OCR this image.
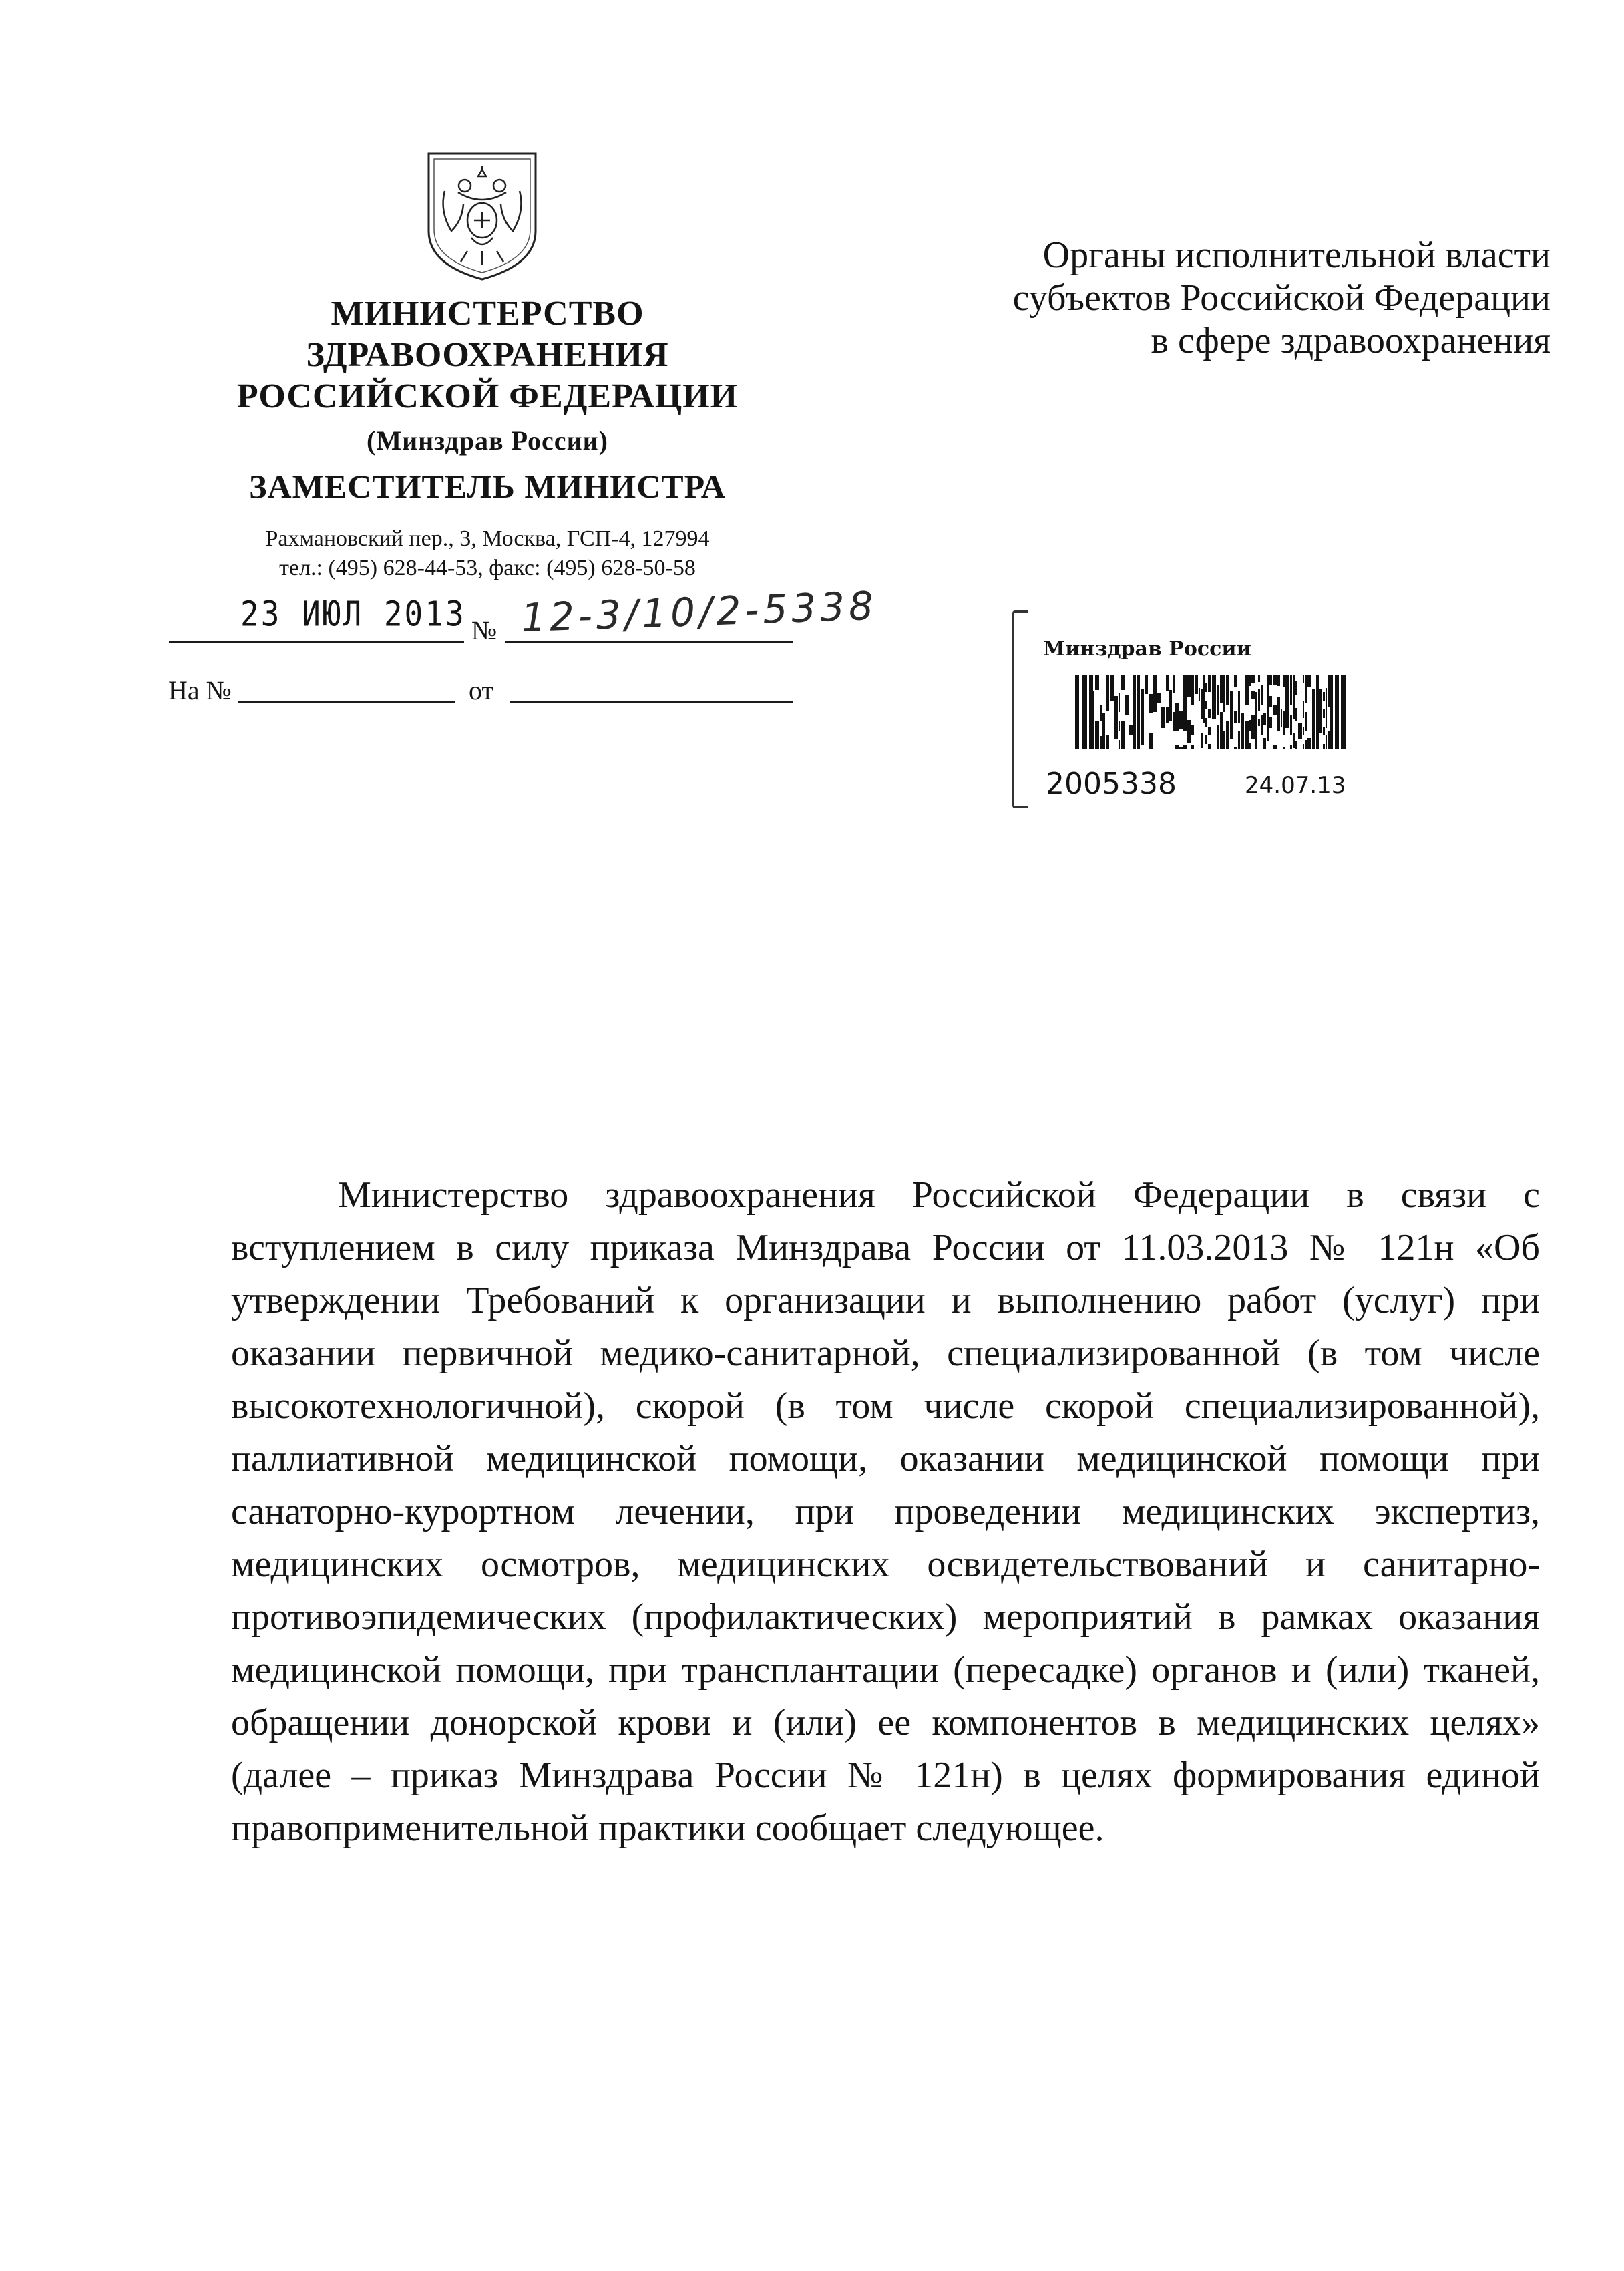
МИНИСТЕРСТВО
ЗДРАВООХРАНЕНИЯ
РОССИЙСКОЙ ФЕДЕРАЦИИ
(Минздрав России)
ЗАМЕСТИТЕЛЬ МИНИСТРА
Рахмановский пер., 3, Москва, ГСП-4, 127994
тел.: (495) 628-44-53, факс: (495) 628-50-58
23 ИЮЛ 2013 № 12-3/10/2-5338
На №	от
Органы исполнительной власти
субъектов Российской Федерации
в сфере здравоохранения
Минздрав России
2005338	24.07.13

Министерство здравоохранения Российской Федерации в связи с вступлением в силу приказа Минздрава России от 11.03.2013 № 121н «Об утверждении Требований к организации и выполнению работ (услуг) при оказании первичной медико-санитарной, специализированной (в том числе высокотехнологичной), скорой (в том числе скорой специализированной), паллиативной медицинской помощи, оказании медицинской помощи при санаторно-курортном лечении, при проведении медицинских экспертиз, медицинских осмотров, медицинских освидетельствований и санитарно-противоэпидемических (профилактических) мероприятий в рамках оказания медицинской помощи, при трансплантации (пересадке) органов и (или) тканей, обращении донорской крови и (или) ее компонентов в медицинских целях» (далее – приказ Минздрава России № 121н) в целях формирования единой правоприменительной практики сообщает следующее.
